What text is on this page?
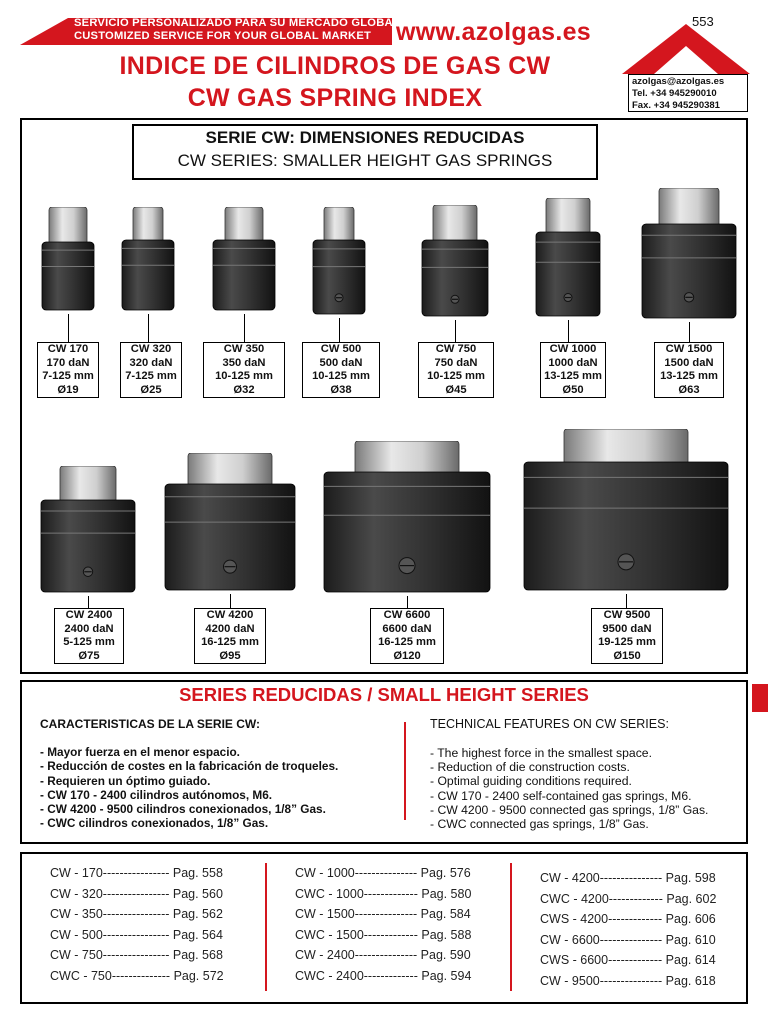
SERVICIO PERSONALIZADO PARA SU MERCADO GLOBAL
CUSTOMIZED SERVICE FOR YOUR GLOBAL MARKET www.azolgas.es	553
INDICE DE CILINDROS DE GAS CW
CW GAS SPRING INDEX
azolgas@azolgas.es
Tel. +34 945290010
Fax. +34 945290381
SERIE CW: DIMENSIONES REDUCIDAS
CW SERIES: SMALLER HEIGHT GAS SPRINGS
CW 170
170 daN
7-125 mm
Ø19
CW 320
320 daN
7-125 mm
Ø25
CW 350
350 daN
10-125 mm
Ø32
CW 500
500 daN
10-125 mm
Ø38
CW 750
750 daN
10-125 mm
Ø45
CW 1000
1000 daN
13-125 mm
Ø50
CW 1500
1500 daN
13-125 mm
Ø63
CW 2400
2400 daN
5-125 mm
Ø75
CW 4200
4200 daN
16-125 mm
Ø95
CW 6600
6600 daN
16-125 mm
Ø120
CW 9500
9500 daN
19-125 mm
Ø150
SERIES REDUCIDAS / SMALL HEIGHT SERIES
CARACTERISTICAS DE LA SERIE CW:
- Mayor fuerza en el menor espacio.
- Reducción de costes en la fabricación de troqueles.
- Requieren un óptimo guiado.
- CW 170 - 2400 cilindros autónomos, M6.
- CW 4200 - 9500 cilindros conexionados, 1/8” Gas.
- CWC cilindros conexionados, 1/8” Gas.
TECHNICAL FEATURES ON CW SERIES:
- The highest force in the smallest space.
- Reduction of die construction costs.
- Optimal guiding conditions required.
- CW 170 - 2400 self-contained gas springs, M6.
- CW 4200 - 9500 connected gas springs, 1/8” Gas.
- CWC connected gas springs, 1/8” Gas.
CW - 170---------------- Pag. 558
CW - 320---------------- Pag. 560
CW - 350---------------- Pag. 562
CW - 500---------------- Pag. 564
CW - 750---------------- Pag. 568
CWC - 750-------------- Pag. 572
CW - 1000--------------- Pag. 576
CWC - 1000------------- Pag. 580
CW - 1500--------------- Pag. 584
CWC - 1500------------- Pag. 588
CW - 2400--------------- Pag. 590
CWC - 2400------------- Pag. 594
CW - 4200--------------- Pag. 598
CWC - 4200------------- Pag. 602
CWS - 4200------------- Pag. 606
CW - 6600--------------- Pag. 610
CWS - 6600------------- Pag. 614
CW - 9500--------------- Pag. 618
